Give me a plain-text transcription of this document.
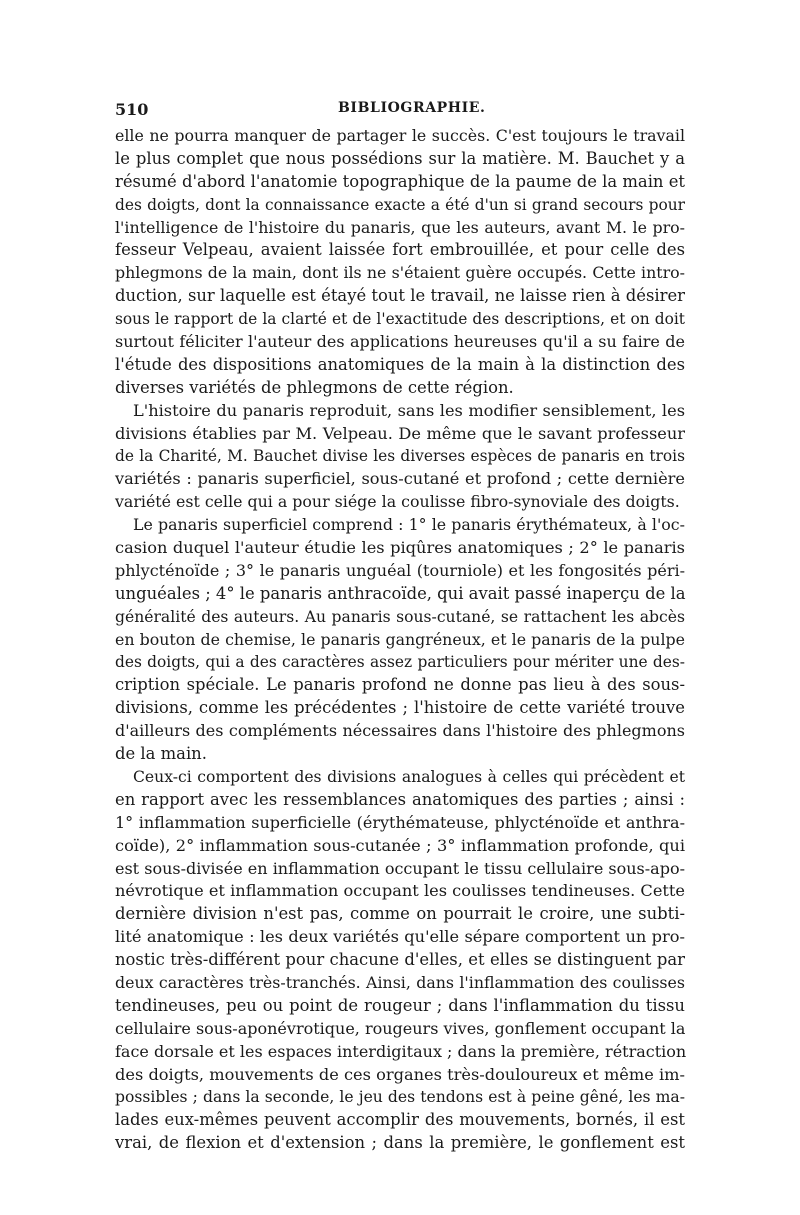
510	BIBLIOGRAPHIE.
elle ne pourra manquer de partager le succès. C'est toujours le travail
le plus complet que nous possédions sur la matière. M. Bauchet y a
résumé d'abord l'anatomie topographique de la paume de la main et
des doigts, dont la connaissance exacte a été d'un si grand secours pour
l'intelligence de l'histoire du panaris, que les auteurs, avant M. le pro-
fesseur Velpeau, avaient laissée fort embrouillée, et pour celle des
phlegmons de la main, dont ils ne s'étaient guère occupés. Cette intro-
duction, sur laquelle est étayé tout le travail, ne laisse rien à désirer
sous le rapport de la clarté et de l'exactitude des descriptions, et on doit
surtout féliciter l'auteur des applications heureuses qu'il a su faire de
l'étude des dispositions anatomiques de la main à la distinction des
diverses variétés de phlegmons de cette région.
L'histoire du panaris reproduit, sans les modifier sensiblement, les
divisions établies par M. Velpeau. De même que le savant professeur
de la Charité, M. Bauchet divise les diverses espèces de panaris en trois
variétés : panaris superficiel, sous-cutané et profond ; cette dernière
variété est celle qui a pour siége la coulisse fibro-synoviale des doigts.
Le panaris superficiel comprend : 1° le panaris érythémateux, à l'oc-
casion duquel l'auteur étudie les piqûres anatomiques ; 2° le panaris
phlycténoïde ; 3° le panaris unguéal (tourniole) et les fongosités péri-
unguéales ; 4° le panaris anthracoïde, qui avait passé inaperçu de la
généralité des auteurs. Au panaris sous-cutané, se rattachent les abcès
en bouton de chemise, le panaris gangréneux, et le panaris de la pulpe
des doigts, qui a des caractères assez particuliers pour mériter une des-
cription spéciale. Le panaris profond ne donne pas lieu à des sous-
divisions, comme les précédentes ; l'histoire de cette variété trouve
d'ailleurs des compléments nécessaires dans l'histoire des phlegmons
de la main.
Ceux-ci comportent des divisions analogues à celles qui précèdent et
en rapport avec les ressemblances anatomiques des parties ; ainsi :
1° inflammation superficielle (érythémateuse, phlycténoïde et anthra-
coïde), 2° inflammation sous-cutanée ; 3° inflammation profonde, qui
est sous-divisée en inflammation occupant le tissu cellulaire sous-apo-
névrotique et inflammation occupant les coulisses tendineuses. Cette
dernière division n'est pas, comme on pourrait le croire, une subti-
lité anatomique : les deux variétés qu'elle sépare comportent un pro-
nostic très-différent pour chacune d'elles, et elles se distinguent par
deux caractères très-tranchés. Ainsi, dans l'inflammation des coulisses
tendineuses, peu ou point de rougeur ; dans l'inflammation du tissu
cellulaire sous-aponévrotique, rougeurs vives, gonflement occupant la
face dorsale et les espaces interdigitaux ; dans la première, rétraction
des doigts, mouvements de ces organes très-douloureux et même im-
possibles ; dans la seconde, le jeu des tendons est à peine gêné, les ma-
lades eux-mêmes peuvent accomplir des mouvements, bornés, il est
vrai, de flexion et d'extension ; dans la première, le gonflement est
